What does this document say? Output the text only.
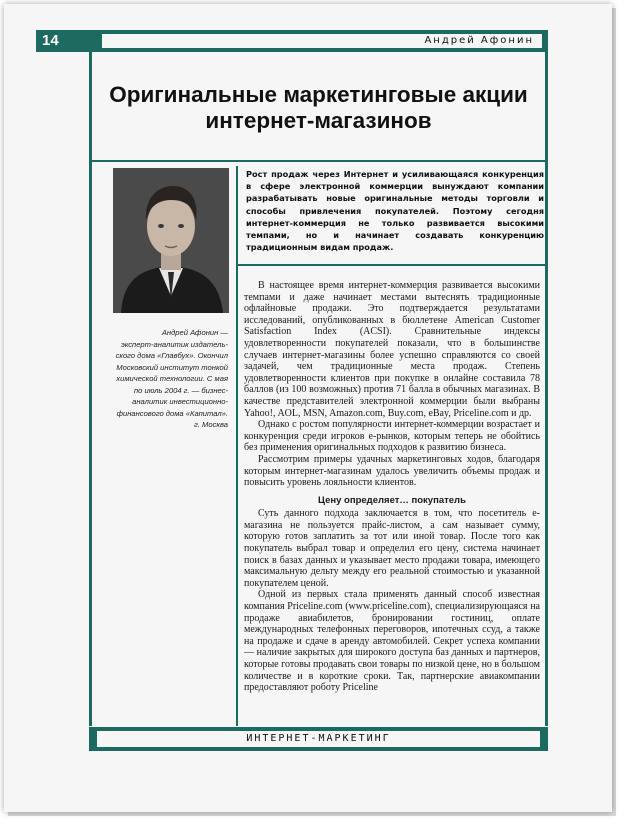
14	Андрей Афонин
Оригинальные маркетинговые акции
интернет-магазинов
Андрей Афонин —
эксперт-аналитик издатель-
ского дома «Главбух». Окончил
Московский институт тонкой
химической технологии. С мая
по июль 2004 г. — бизнес-
аналитик инвестиционно-
финансового дома «Капитал».
г. Москва
Рост продаж через Интернет и усиливающаяся конкуренция в сфере электронной коммерции вынуждают компании разрабатывать новые оригинальные методы торговли и способы привлечения покупателей. Поэтому сегодня интернет-коммерция не только развивается высокими темпами, но и начинает создавать конкуренцию традиционным видам продаж.

В настоящее время интернет-коммерция развивается высокими темпами и даже начинает местами вытеснять традиционные офлайновые продажи. Это подтверждается результатами исследований, опубликованных в бюллетене American Customer Satisfaction Index (ACSI). Сравнительные индексы удовлетворенности покупателей показали, что в большинстве случаев интернет-магазины более успешно справляются со своей задачей, чем традиционные места продаж. Степень удовлетворенности клиентов при покупке в онлайне составила 78 баллов (из 100 возможных) против 71 балла в обычных магазинах. В качестве представителей электронной коммерции были выбраны Yahoo!, AOL, MSN, Amazon.com, Buy.com, eBay, Priceline.com и др.

Однако с ростом популярности интернет-коммерции возрастает и конкуренция среди игроков е-рынков, которым теперь не обойтись без применения оригинальных подходов к развитию бизнеса.

Рассмотрим примеры удачных маркетинговых ходов, благодаря которым интернет-магазинам удалось увеличить объемы продаж и повысить уровень лояльности клиентов.

Цену определяет… покупатель

Суть данного подхода заключается в том, что посетитель е-магазина не пользуется прайс-листом, а сам называет сумму, которую готов заплатить за тот или иной товар. После того как покупатель выбрал товар и определил его цену, система начинает поиск в базах данных и указывает место продажи товара, имеющего максимальную дельту между его реальной стоимостью и указанной покупателем ценой.

Одной из первых стала применять данный способ известная компания Priceline.com (www.priceline.com), специализирующаяся на продаже авиабилетов, бронировании гостиниц, оплате международных телефонных переговоров, ипотечных ссуд, а также на продаже и сдаче в аренду автомобилей. Секрет успеха компании — наличие закрытых для широкого доступа баз данных и партнеров, которые готовы продавать свои товары по низкой цене, но в большом количестве и в короткие сроки. Так, партнерские авиакомпании предоставляют роботу Priceline

ИНТЕРНЕТ-МАРКЕТИНГ
